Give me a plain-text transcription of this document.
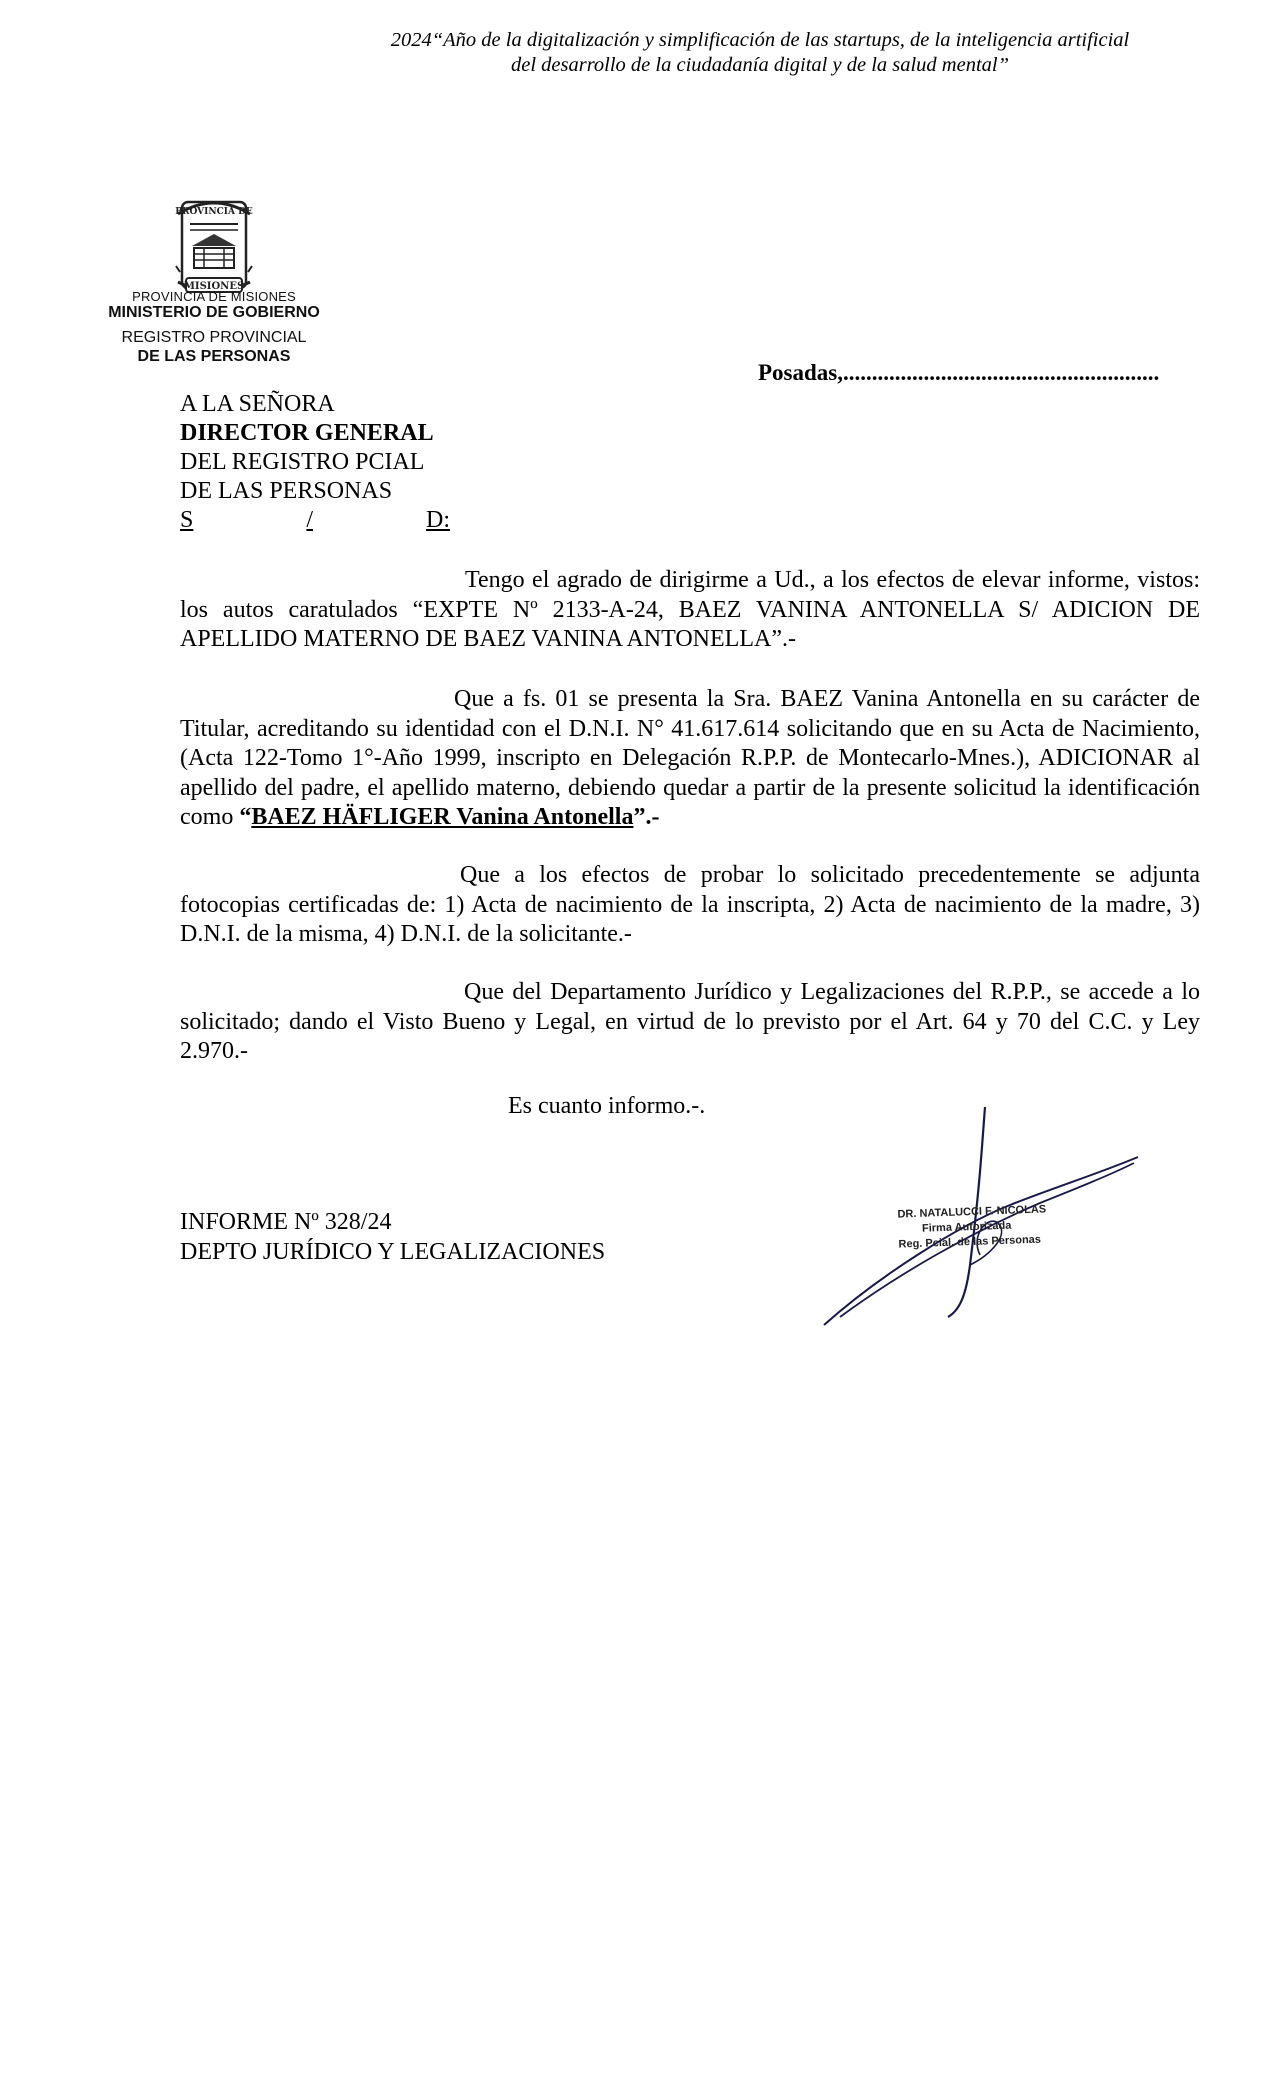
2024“Año de la digitalización y simplificación de las startups, de la inteligencia artificial
del desarrollo de la ciudadanía digital y de la salud mental”
PROVINCIA DE
MISIONES
PROVINCIA DE MISIONES
MINISTERIO DE GOBIERNO
REGISTRO PROVINCIAL
DE LAS PERSONAS
Posadas,.......................................................
A LA SEÑORA
DIRECTOR GENERAL
DEL REGISTRO PCIAL
DE LAS PERSONAS
S	/	D:
Tengo el agrado de dirigirme a Ud., a los efectos de elevar informe, vistos: los autos caratulados “EXPTE Nº 2133-A-24, BAEZ VANINA ANTONELLA S/ ADICION DE APELLIDO MATERNO DE BAEZ VANINA ANTONELLA”.-
Que a fs. 01 se presenta la Sra. BAEZ Vanina Antonella en su carácter de Titular, acreditando su identidad con el D.N.I. N° 41.617.614 solicitando que en su Acta de Nacimiento, (Acta 122-Tomo 1°-Año 1999, inscripto en Delegación R.P.P. de Montecarlo-Mnes.), ADICIONAR al apellido del padre, el apellido materno, debiendo quedar a partir de la presente solicitud la identificación como “BAEZ HÄFLIGER Vanina Antonella”.-
Que a los efectos de probar lo solicitado precedentemente se adjunta fotocopias certificadas de: 1) Acta de nacimiento de la inscripta, 2) Acta de nacimiento de la madre, 3) D.N.I. de la misma, 4) D.N.I. de la solicitante.-
Que del Departamento Jurídico y Legalizaciones del R.P.P., se accede a lo solicitado; dando el Visto Bueno y Legal, en virtud de lo previsto por el Art. 64 y 70 del C.C. y Ley 2.970.-
Es cuanto informo.-.
INFORME Nº 328/24
DEPTO JURÍDICO Y LEGALIZACIONES
DR. NATALUCCI F. NICOLAS
Firma Autorizada
Reg. Pcial. de las Personas
